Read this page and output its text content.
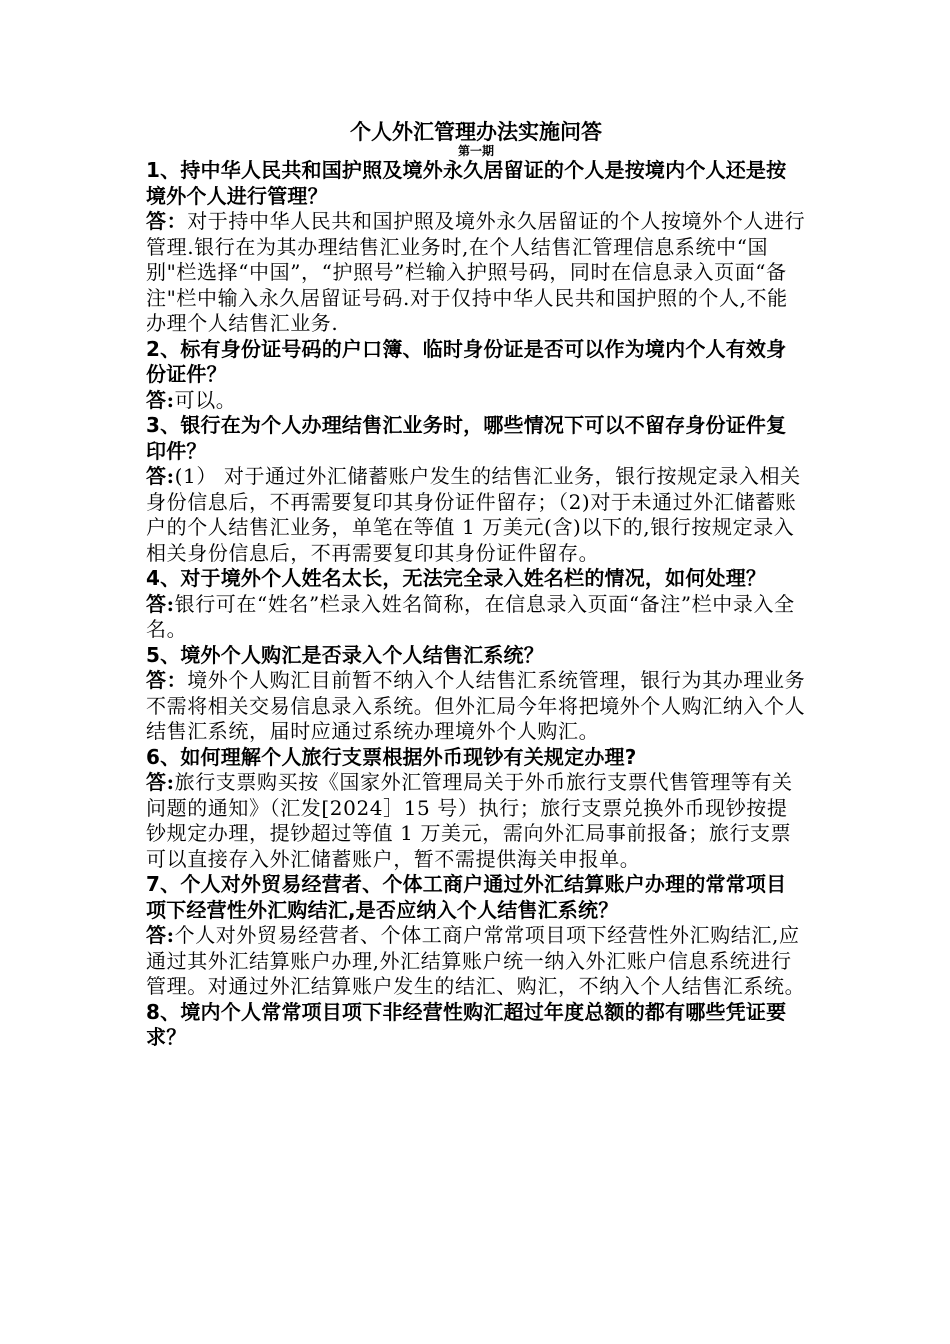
个人外汇管理办法实施问答

第一期

1、持中华人民共和国护照及境外永久居留证的个人是按境内个人还是按境外个人进行管理？

答：对于持中华人民共和国护照及境外永久居留证的个人按境外个人进行管理.银行在为其办理结售汇业务时,在个人结售汇管理信息系统中“国别"栏选择“中国”，“护照号”栏输入护照号码，同时在信息录入页面“备注"栏中输入永久居留证号码.对于仅持中华人民共和国护照的个人,不能办理个人结售汇业务.

2、标有身份证号码的户口簿、临时身份证是否可以作为境内个人有效身份证件？

答:可以。

3、银行在为个人办理结售汇业务时，哪些情况下可以不留存身份证件复印件？

答:(1） 对于通过外汇储蓄账户发生的结售汇业务，银行按规定录入相关身份信息后，不再需要复印其身份证件留存；（2)对于未通过外汇储蓄账户的个人结售汇业务，单笔在等值 1 万美元(含)以下的,银行按规定录入相关身份信息后，不再需要复印其身份证件留存。

4、对于境外个人姓名太长，无法完全录入姓名栏的情况，如何处理？

答:银行可在“姓名”栏录入姓名简称，在信息录入页面“备注”栏中录入全名。

5、境外个人购汇是否录入个人结售汇系统？

答：境外个人购汇目前暂不纳入个人结售汇系统管理，银行为其办理业务不需将相关交易信息录入系统。但外汇局今年将把境外个人购汇纳入个人结售汇系统，届时应通过系统办理境外个人购汇。

6、如何理解个人旅行支票根据外币现钞有关规定办理?

答:旅行支票购买按《国家外汇管理局关于外币旅行支票代售管理等有关问题的通知》（汇发[2024］15 号）执行；旅行支票兑换外币现钞按提钞规定办理，提钞超过等值 1 万美元，需向外汇局事前报备；旅行支票可以直接存入外汇储蓄账户，暂不需提供海关申报单。

7、个人对外贸易经营者、个体工商户通过外汇结算账户办理的常常项目项下经营性外汇购结汇,是否应纳入个人结售汇系统？

答:个人对外贸易经营者、个体工商户常常项目项下经营性外汇购结汇,应通过其外汇结算账户办理,外汇结算账户统一纳入外汇账户信息系统进行管理。对通过外汇结算账户发生的结汇、购汇，不纳入个人结售汇系统。

8、境内个人常常项目项下非经营性购汇超过年度总额的都有哪些凭证要求？
